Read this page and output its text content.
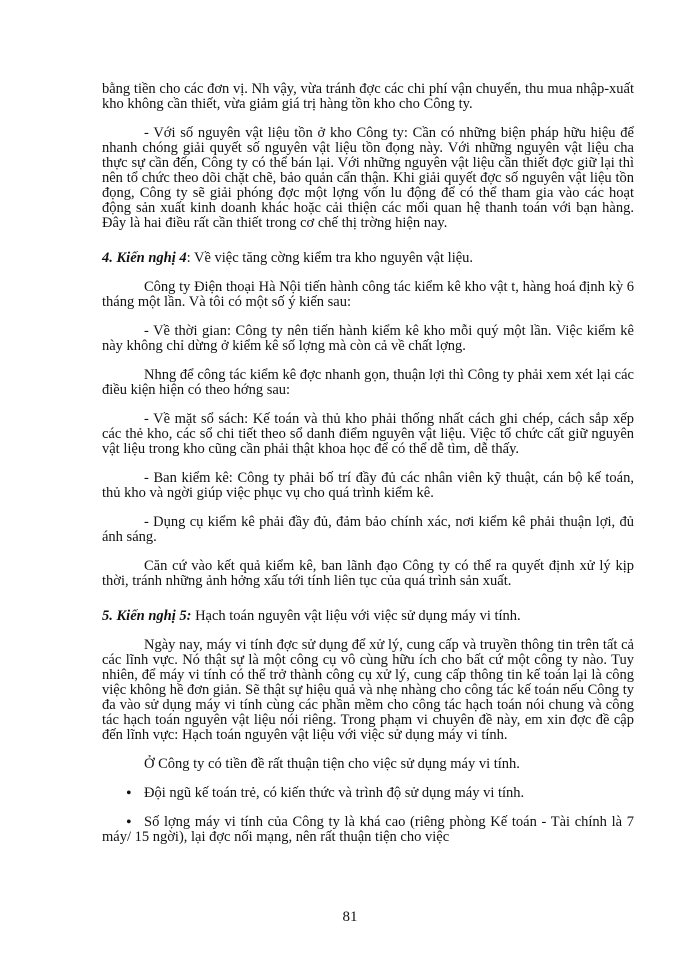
bằng tiền cho các đơn vị. Nh vậy, vừa tránh đợc các chi phí vận chuyển, thu mua nhập-xuất kho không cần thiết, vừa giảm giá trị hàng tồn kho cho Công ty.

- Với số nguyên vật liệu tồn ở kho Công ty: Cần có những biện pháp hữu hiệu để nhanh chóng giải quyết số nguyên vật liệu tồn đọng này. Với những nguyên vật liệu cha thực sự cần đến, Công ty có thể bán lại. Với những nguyên vật liệu cần thiết đợc giữ lại thì nên tổ chức theo dõi chặt chẽ, bảo quản cẩn thận. Khi giải quyết đợc số nguyên vật liệu tồn đọng, Công ty sẽ giải phóng đợc một lợng vốn lu động để có thể tham gia vào các hoạt động sản xuất kinh doanh khác hoặc cải thiện các mối quan hệ thanh toán với bạn hàng. Đây là hai điều rất cần thiết trong cơ chế thị trờng hiện nay.

4. Kiến nghị 4: Về việc tăng cờng kiểm tra kho nguyên vật liệu.

Công ty Điện thoại Hà Nội tiến hành công tác kiểm kê kho vật t, hàng hoá định kỳ 6 tháng một lần. Và tôi có một số ý kiến sau:

- Về thời gian: Công ty nên tiến hành kiểm kê kho mỗi quý một lần. Việc kiểm kê này không chỉ dừng ở kiểm kê số lợng mà còn cả về chất lợng.

Nhng để công tác kiểm kê đợc nhanh gọn, thuận lợi thì Công ty phải xem xét lại các điều kiện hiện có theo hớng sau:

- Về mặt sổ sách: Kế toán và thủ kho phải thống nhất cách ghi chép, cách sắp xếp các thẻ kho, các sổ chi tiết theo sổ danh điểm nguyên vật liệu. Việc tổ chức cất giữ nguyên vật liệu trong kho cũng cần phải thật khoa học để có thể dễ tìm, dễ thấy.

- Ban kiểm kê: Công ty phải bố trí đầy đủ các nhân viên kỹ thuật, cán bộ kế toán, thủ kho và ngời giúp việc phục vụ cho quá trình kiểm kê.

- Dụng cụ kiểm kê phải đầy đủ, đảm bảo chính xác, nơi kiểm kê phải thuận lợi, đủ ánh sáng.

Căn cứ vào kết quả kiểm kê, ban lãnh đạo Công ty có thể ra quyết định xử lý kịp thời, tránh những ảnh hởng xấu tới tính liên tục của quá trình sản xuất.

5. Kiến nghị 5: Hạch toán nguyên vật liệu với việc sử dụng máy vi tính.

Ngày nay, máy vi tính đợc sử dụng để xử lý, cung cấp và truyền thông tin trên tất cả các lĩnh vực. Nó thật sự là một công cụ vô cùng hữu ích cho bất cứ một công ty nào. Tuy nhiên, để máy vi tính có thể trở thành công cụ xử lý, cung cấp thông tin kế toán lại là công việc không hề đơn giản. Sẽ thật sự hiệu quả và nhẹ nhàng cho công tác kế toán nếu Công ty đa vào sử dụng máy vi tính cùng các phần mềm cho công tác hạch toán nói chung và công tác hạch toán nguyên vật liệu nói riêng. Trong phạm vi chuyên đề này, em xin đợc đề cập đến lĩnh vực: Hạch toán nguyên vật liệu với việc sử dụng máy vi tính.

Ở Công ty có tiền đề rất thuận tiện cho việc sử dụng máy vi tính.

• Đội ngũ kế toán trẻ, có kiến thức và trình độ sử dụng máy vi tính.

• Số lợng máy vi tính của Công ty là khá cao (riêng phòng Kế toán - Tài chính là 7 máy/ 15 ngời), lại đợc nối mạng, nên rất thuận tiện cho việc

81
